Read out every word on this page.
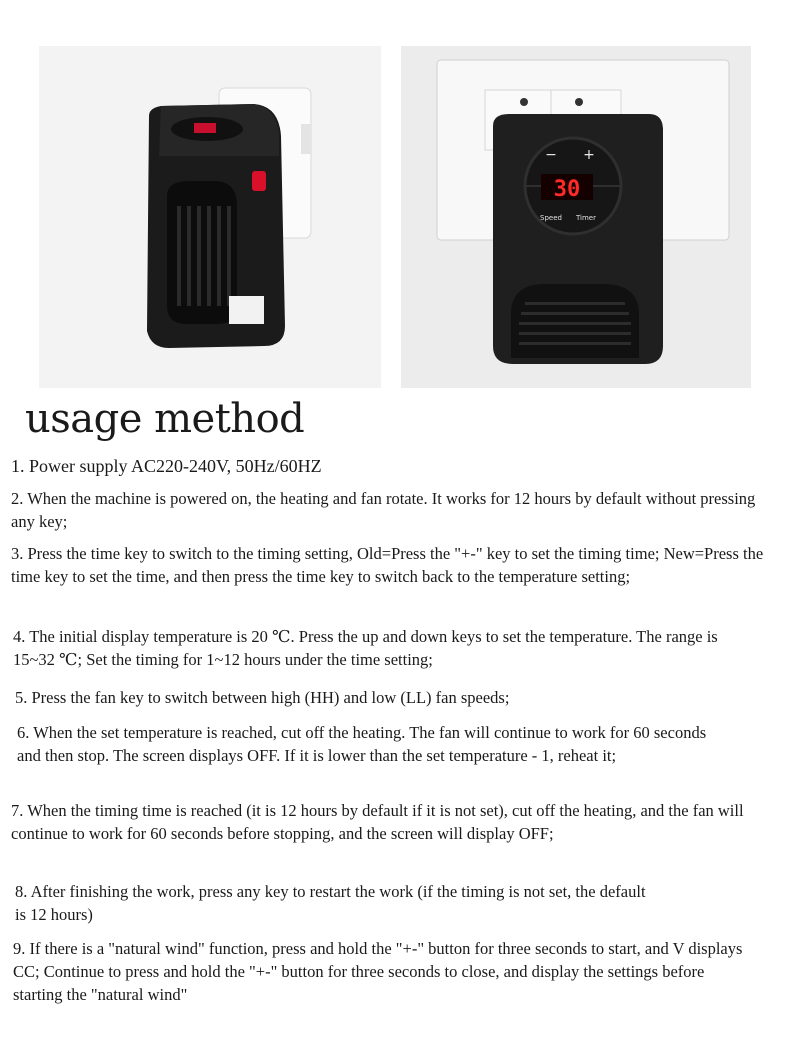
30
− +
Speed Timer
usage method

1. Power supply AC220-240V, 50Hz/60HZ

2. When the machine is powered on, the heating and fan rotate. It works for 12 hours by default without pressing any key;

3. Press the time key to switch to the timing setting, Old=Press the "+-" key to set the timing time; New=Press the time key to set the time, and then press the time key to switch back to the temperature setting;

4. The initial display temperature is 20 ℃. Press the up and down keys to set the temperature. The range is 15~32 ℃; Set the timing for 1~12 hours under the time setting;

5. Press the fan key to switch between high (HH) and low (LL) fan speeds;

6. When the set temperature is reached, cut off the heating. The fan will continue to work for 60 seconds and then stop. The screen displays OFF. If it is lower than the set temperature - 1, reheat it;

7. When the timing time is reached (it is 12 hours by default if it is not set), cut off the heating, and the fan will continue to work for 60 seconds before stopping, and the screen will display OFF;

8. After finishing the work, press any key to restart the work (if the timing is not set, the default is 12 hours)

9. If there is a "natural wind" function, press and hold the "+-" button for three seconds to start, and V displays CC; Continue to press and hold the "+-" button for three seconds to close, and display the settings before starting the "natural wind"
